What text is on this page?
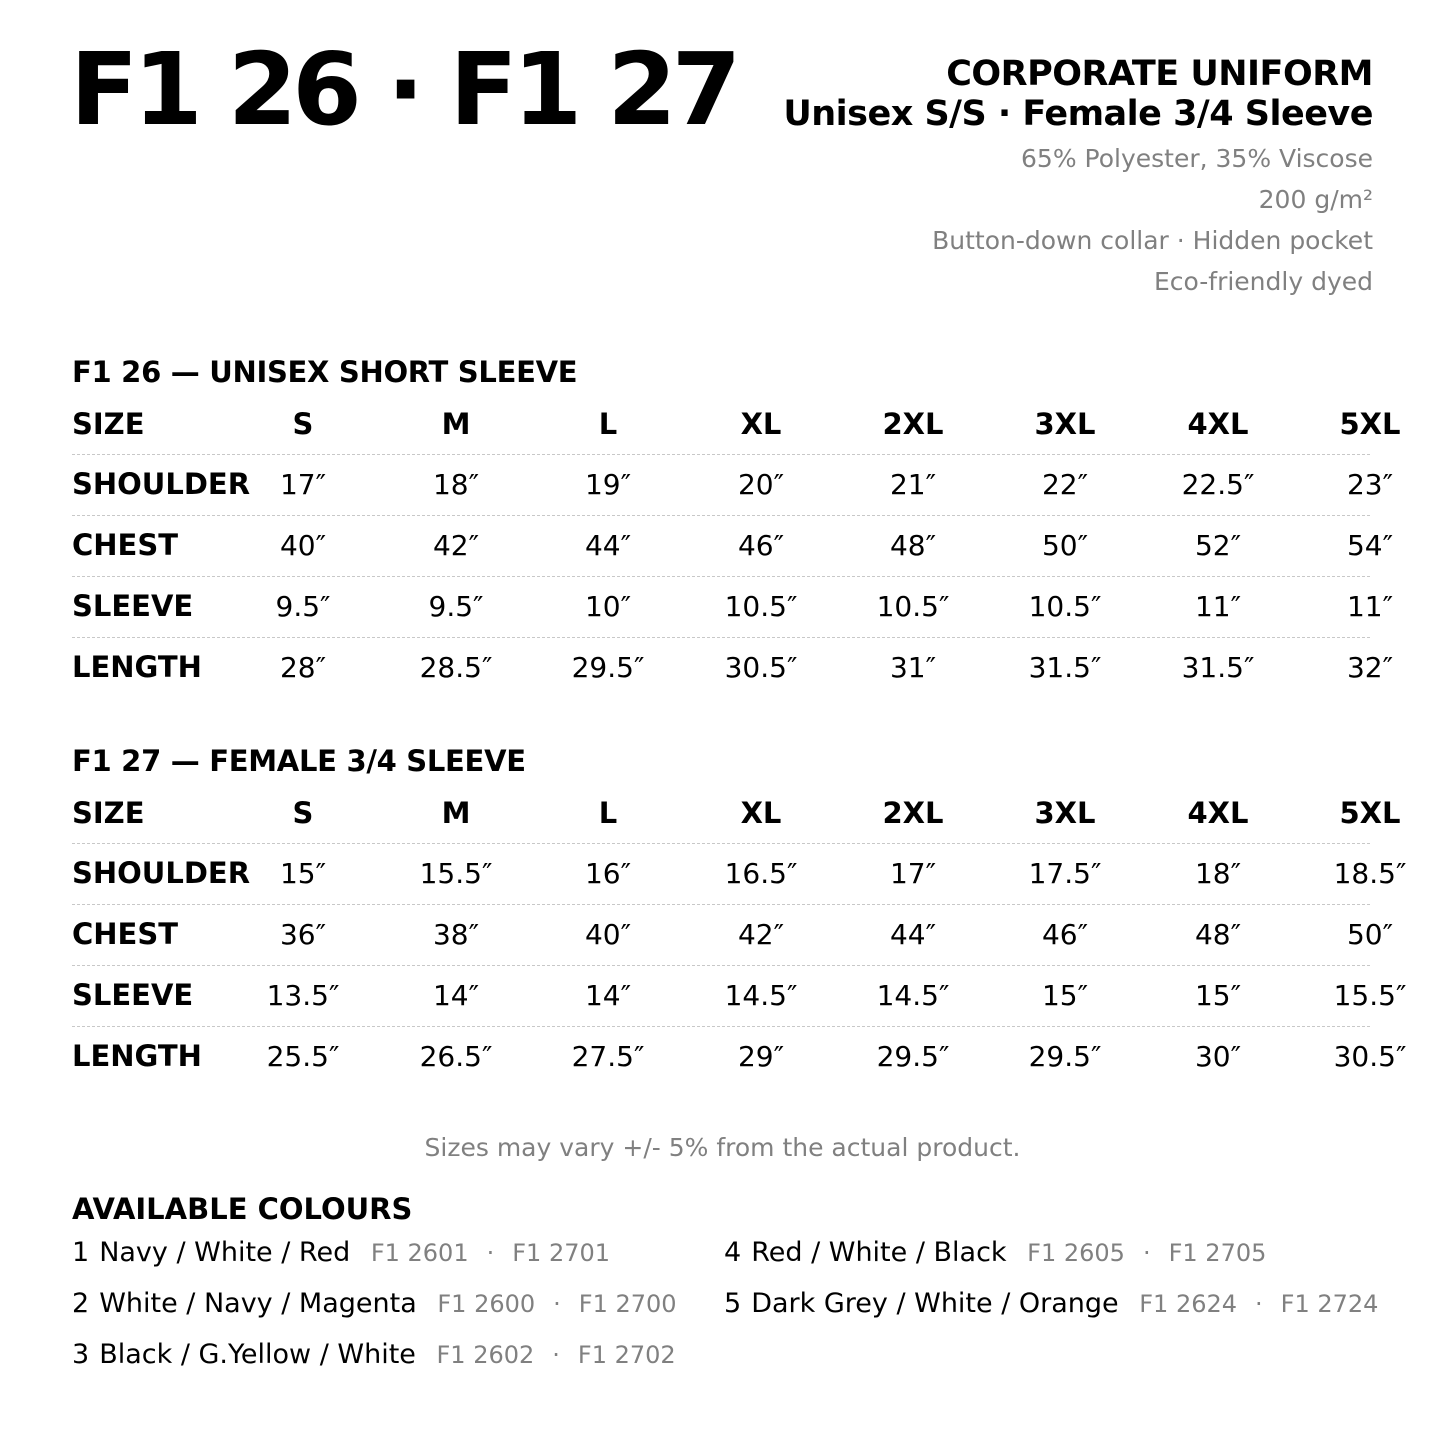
F1 26 · F1 27	CORPORATE UNIFORM
Unisex S/S · Female 3/4 Sleeve
65% Polyester, 35% Viscose
200 g/m²
Button-down collar · Hidden pocket
Eco-friendly dyed
F1 26 — UNISEX SHORT SLEEVE
SIZE	S	M	L	XL	2XL	3XL	4XL	5XL
SHOULDER 17″	18″	19″	20″	21″	22″	22.5″	23″
CHEST	40″	42″	44″	46″	48″	50″	52″	54″
SLEEVE	9.5″	9.5″	10″	10.5″	10.5″	10.5″	11″	11″
LENGTH	28″	28.5″	29.5″	30.5″	31″	31.5″	31.5″	32″
F1 27 — FEMALE 3/4 SLEEVE
SIZE	S	M	L	XL	2XL	3XL	4XL	5XL
SHOULDER 15″	15.5″	16″	16.5″	17″	17.5″	18″	18.5″
CHEST	36″	38″	40″	42″	44″	46″	48″	50″
SLEEVE	13.5″	14″	14″	14.5″	14.5″	15″	15″	15.5″
LENGTH 25.5″	26.5″	27.5″	29″	29.5″	29.5″	30″	30.5″
Sizes may vary +/- 5% from the actual product.
AVAILABLE COLOURS
1 Navy / White / Red F1 2601 · F1 2701
2 White / Navy / Magenta F1 2600 · F1 2700
3 Black / G.Yellow / White F1 2602 · F1 2702
4 Red / White / Black F1 2605 · F1 2705
5 Dark Grey / White / Orange F1 2624 · F1 2724
